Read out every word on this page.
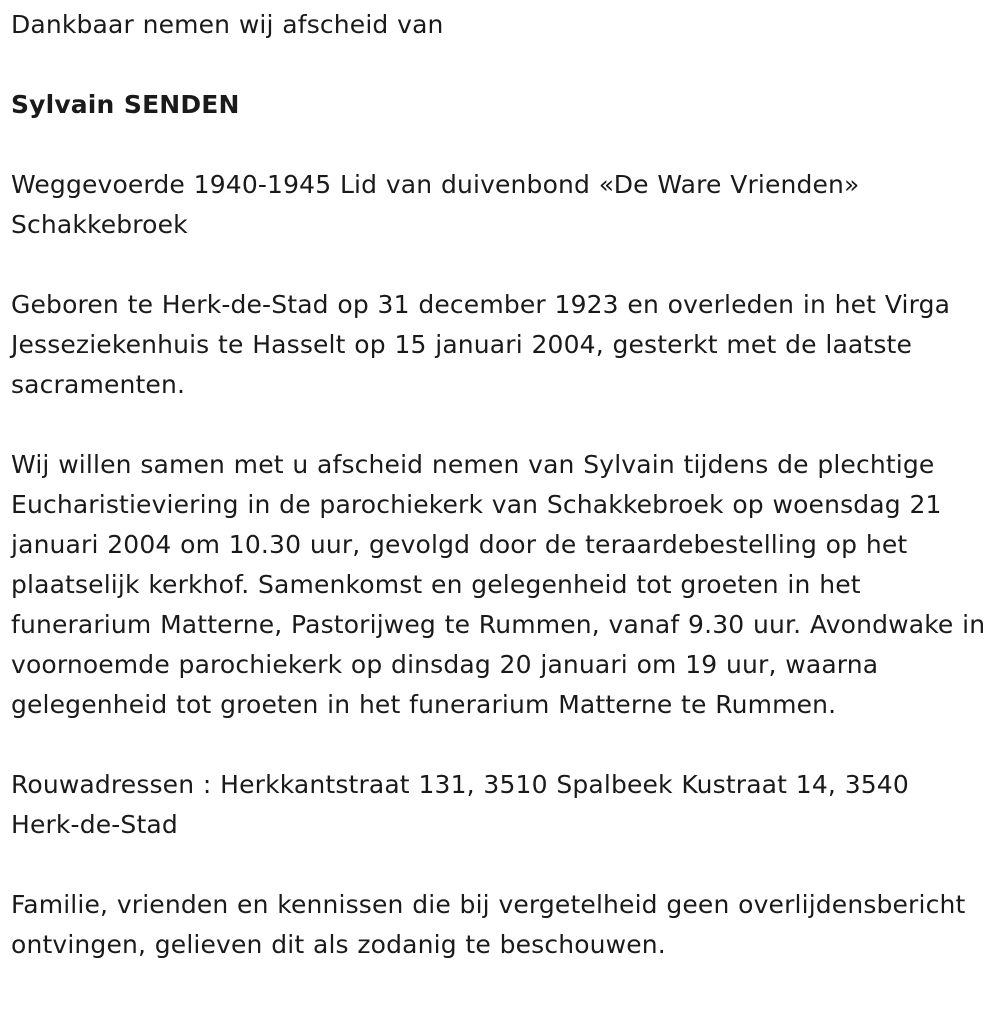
Dankbaar nemen wij afscheid van

Sylvain SENDEN

Weggevoerde 1940-1945 Lid van duivenbond «De Ware Vrienden» Schakkebroek

Geboren te Herk-de-Stad op 31 december 1923 en overleden in het Virga Jesseziekenhuis te Hasselt op 15 januari 2004, gesterkt met de laatste sacramenten.

Wij willen samen met u afscheid nemen van Sylvain tijdens de plechtige Eucharistieviering in de parochiekerk van Schakkebroek op woensdag 21 januari 2004 om 10.30 uur, gevolgd door de teraardebestelling op het plaatselijk kerkhof. Samenkomst en gelegenheid tot groeten in het funerarium Matterne, Pastorijweg te Rummen, vanaf 9.30 uur. Avondwake in voornoemde parochiekerk op dinsdag 20 januari om 19 uur, waarna gelegenheid tot groeten in het funerarium Matterne te Rummen.

Rouwadressen : Herkkantstraat 131, 3510 Spalbeek Kustraat 14, 3540 Herk-de-Stad

Familie, vrienden en kennissen die bij vergetelheid geen overlijdensbericht ontvingen, gelieven dit als zodanig te beschouwen.
